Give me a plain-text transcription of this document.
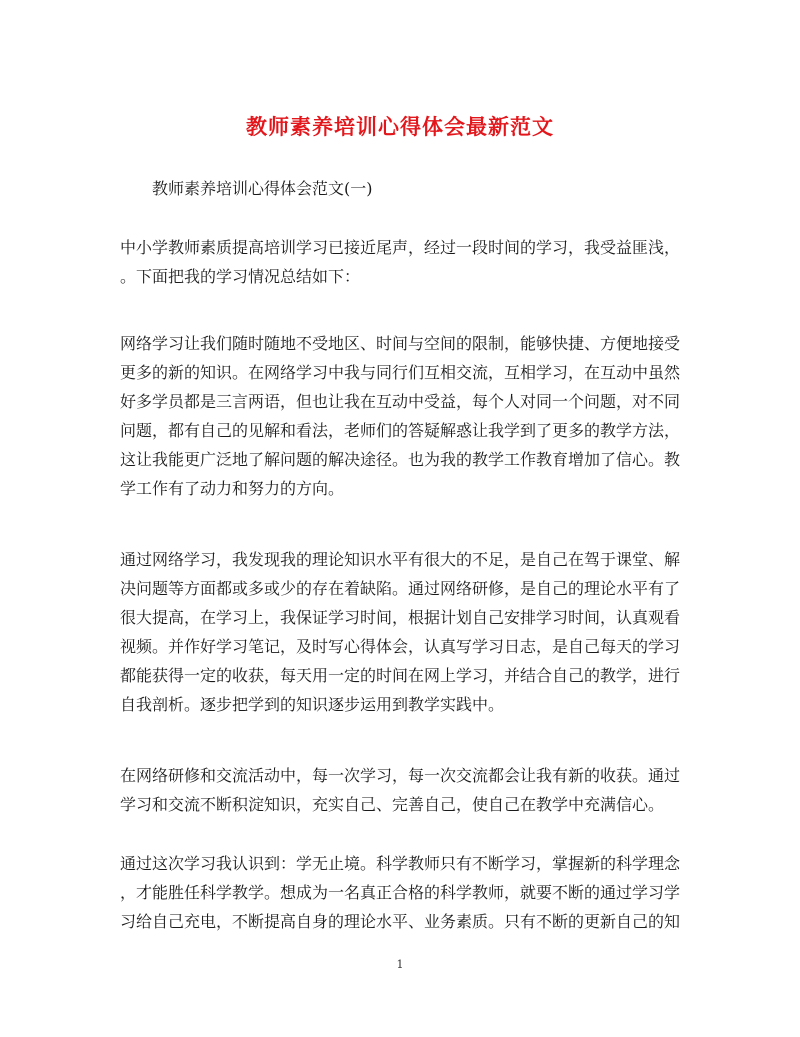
教师素养培训心得体会最新范文
教师素养培训心得体会范文(一)
中小学教师素质提高培训学习已接近尾声，经过一段时间的学习，我受益匪浅，
。下面把我的学习情况总结如下：
网络学习让我们随时随地不受地区、时间与空间的限制，能够快捷、方便地接受
更多的新的知识。在网络学习中我与同行们互相交流，互相学习，在互动中虽然
好多学员都是三言两语，但也让我在互动中受益，每个人对同一个问题，对不同
问题，都有自己的见解和看法，老师们的答疑解惑让我学到了更多的教学方法，
这让我能更广泛地了解问题的解决途径。也为我的教学工作教育增加了信心。教
学工作有了动力和努力的方向。
通过网络学习，我发现我的理论知识水平有很大的不足，是自己在驾于课堂、解
决问题等方面都或多或少的存在着缺陷。通过网络研修，是自己的理论水平有了
很大提高，在学习上，我保证学习时间，根据计划自己安排学习时间，认真观看
视频。并作好学习笔记，及时写心得体会，认真写学习日志，是自己每天的学习
都能获得一定的收获，每天用一定的时间在网上学习，并结合自己的教学，进行
自我剖析。逐步把学到的知识逐步运用到教学实践中。
在网络研修和交流活动中，每一次学习，每一次交流都会让我有新的收获。通过
学习和交流不断积淀知识，充实自己、完善自己，使自己在教学中充满信心。
通过这次学习我认识到：学无止境。科学教师只有不断学习，掌握新的科学理念
，才能胜任科学教学。想成为一名真正合格的科学教师，就要不断的通过学习学
习给自己充电，不断提高自身的理论水平、业务素质。只有不断的更新自己的知
1
